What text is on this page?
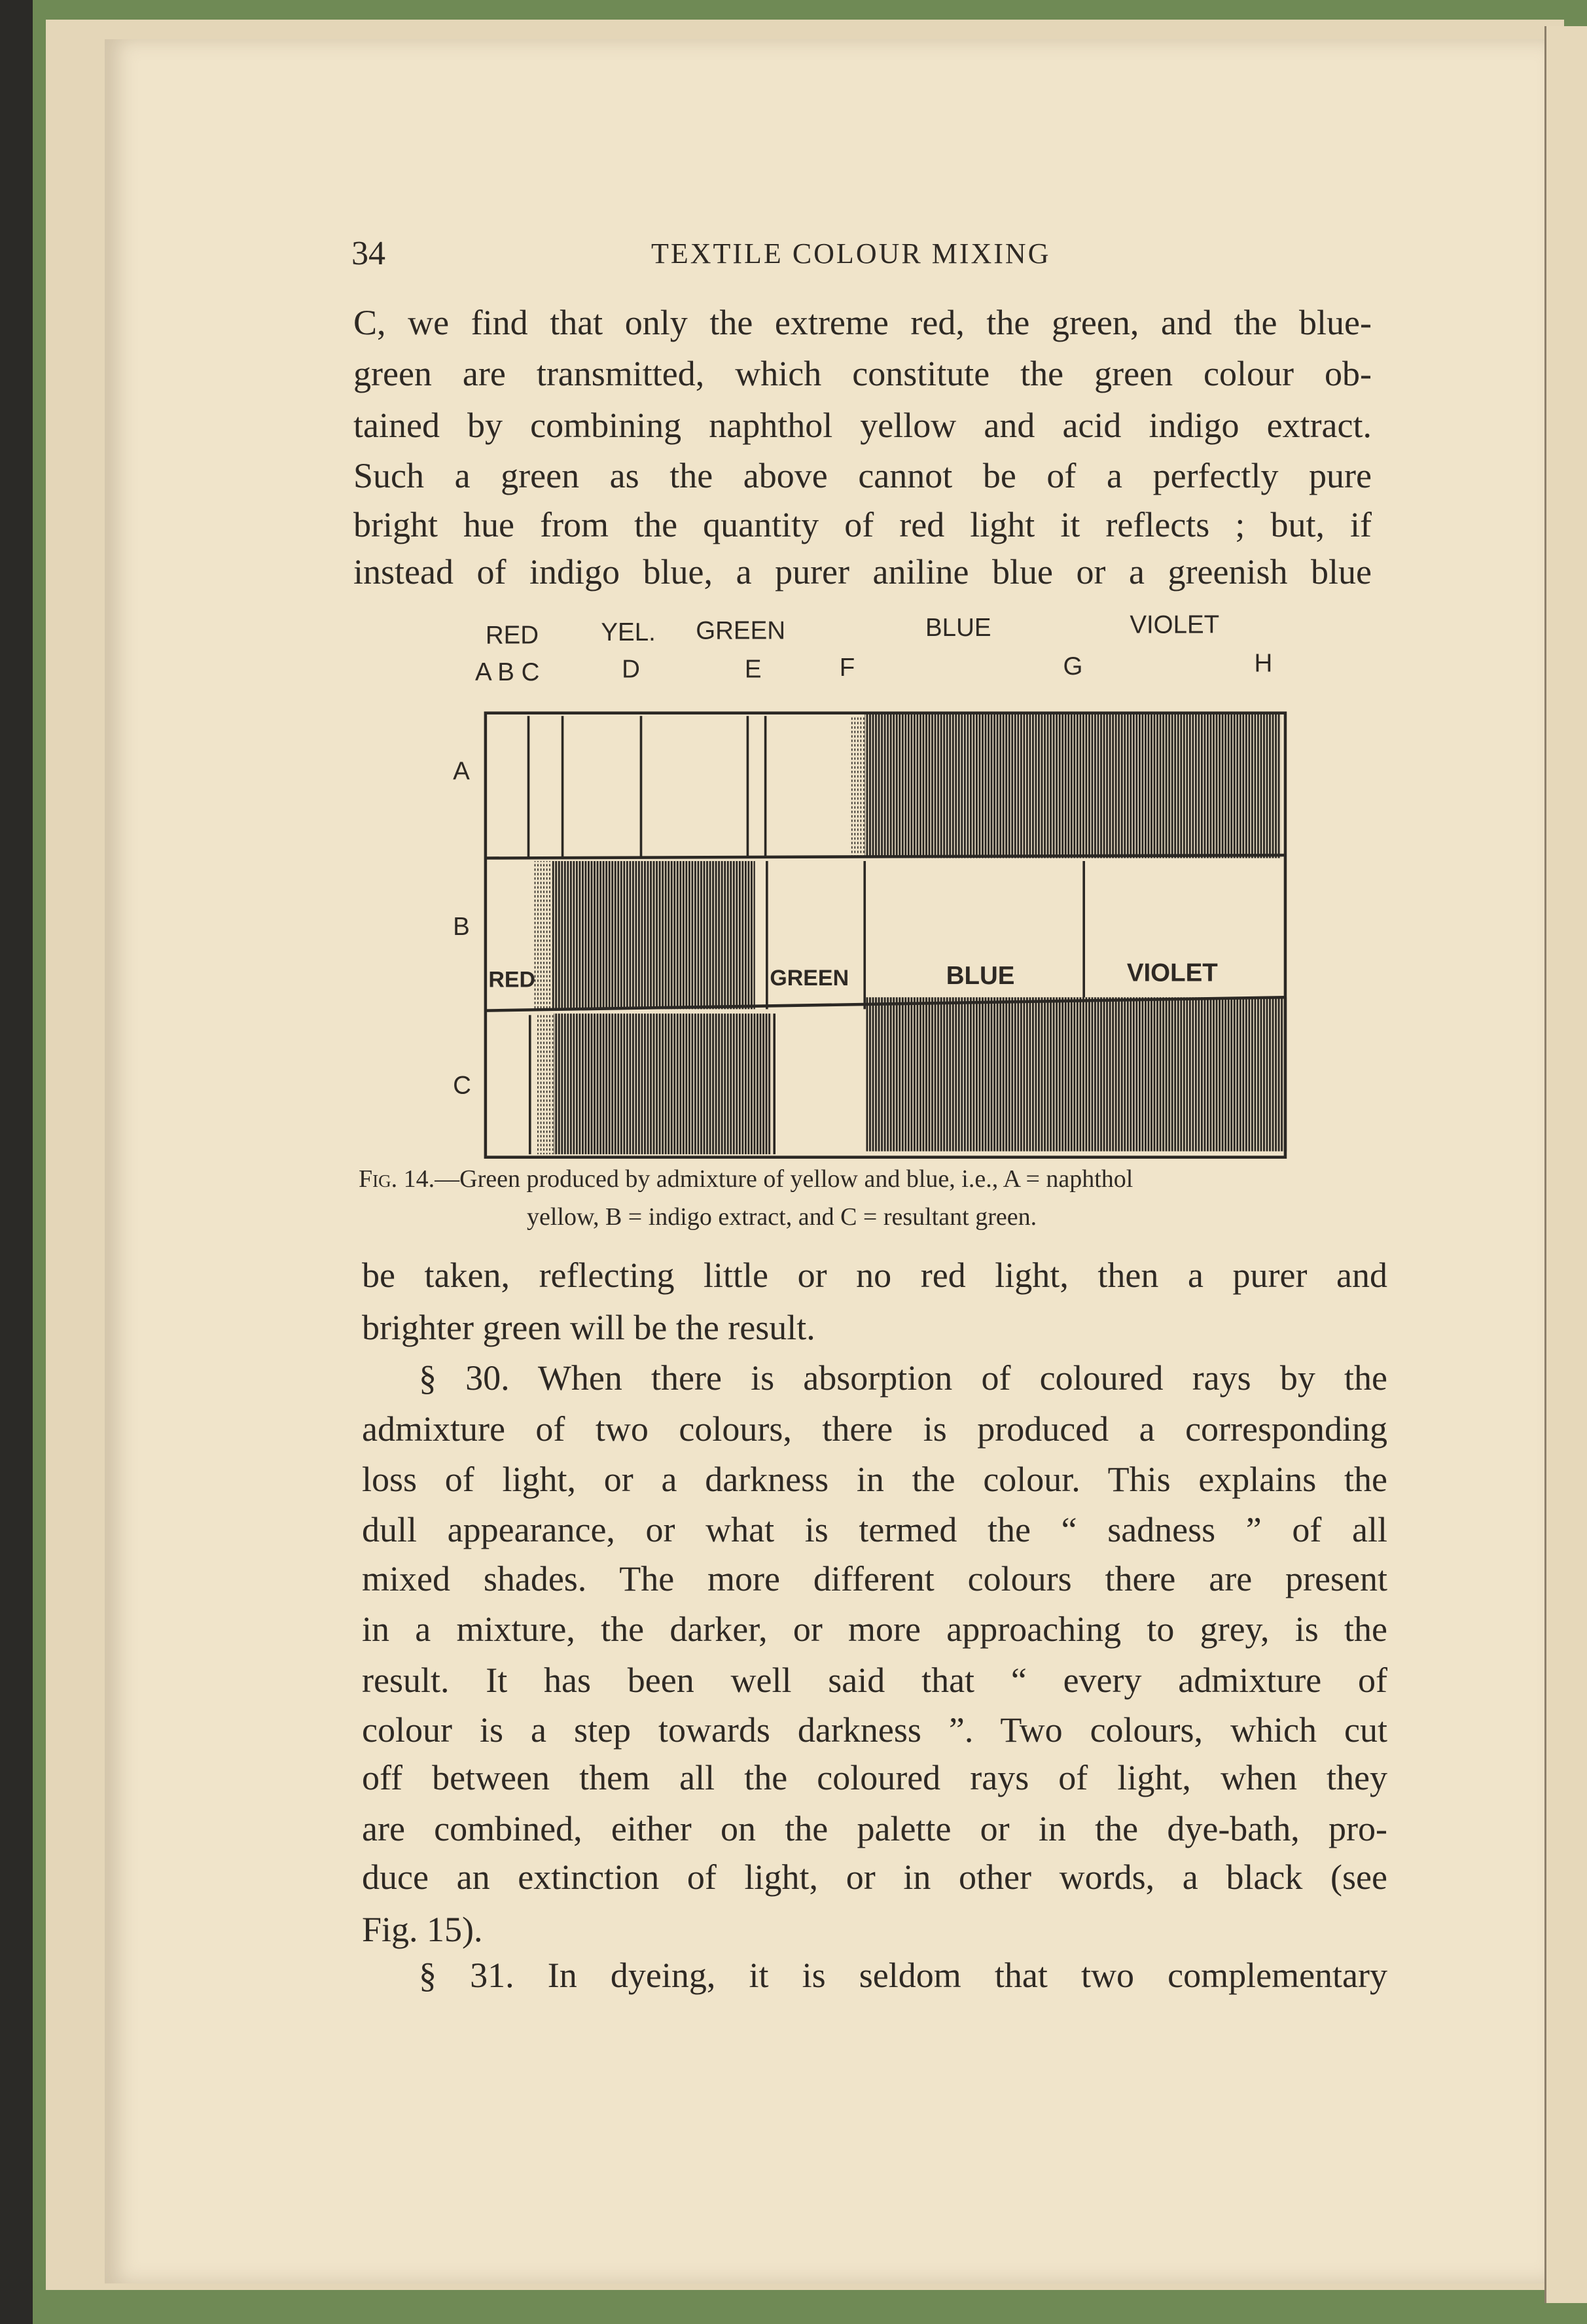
34	TEXTILE COLOUR MIXING
C, we find that only the extreme red, the green, and the blue-
green are transmitted, which constitute the green colour ob-
tained by combining naphthol yellow and acid indigo extract.
Such a green as the above cannot be of a perfectly pure
bright hue from the quantity of red light it reflects ; but, if
instead of indigo blue, a purer aniline blue or a greenish blue
RED	YEL.	GREEN	BLUE	VIOLET
A B C	D	E	F	G	H
A
B
C
RED	GREEN	BLUE	VIOLET
Fig. 14.—Green produced by admixture of yellow and blue, i.e., A = naphthol
yellow, B = indigo extract, and C = resultant green.
be taken, reflecting little or no red light, then a purer and
brighter green will be the result.
§ 30. When there is absorption of coloured rays by the
admixture of two colours, there is produced a corresponding
loss of light, or a darkness in the colour. This explains the
dull appearance, or what is termed the “ sadness ” of all
mixed shades. The more different colours there are present
in a mixture, the darker, or more approaching to grey, is the
result. It has been well said that “ every admixture of
colour is a step towards darkness ”. Two colours, which cut
off between them all the coloured rays of light, when they
are combined, either on the palette or in the dye-bath, pro-
duce an extinction of light, or in other words, a black (see
Fig. 15).
§ 31. In dyeing, it is seldom that two complementary
